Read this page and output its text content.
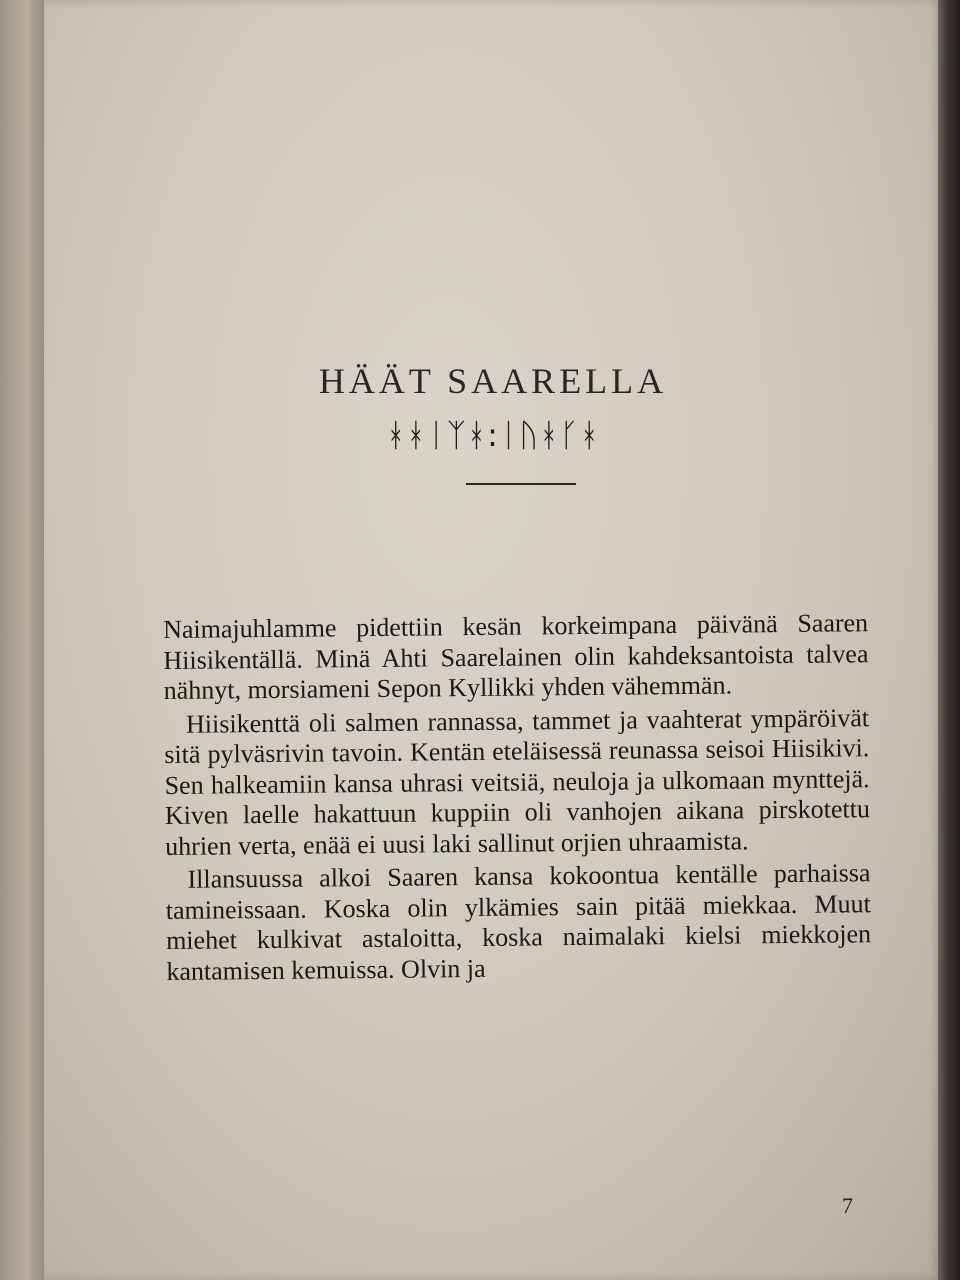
HÄÄT SAARELLA
ᚼᚼᛁᛉᚼ:ᛁᚢᚼᚴᚼ

Naimajuhlamme pidettiin kesän korkeimpana päivänä Saaren Hiisikentällä. Minä Ahti Saarelainen olin kahdeksantoista talvea nähnyt, morsiameni Sepon Kyllikki yhden vähemmän.

Hiisikenttä oli salmen rannassa, tammet ja vaahterat ympäröivät sitä pylväsrivin tavoin. Kentän eteläisessä reunassa seisoi Hiisikivi. Sen halkeamiin kansa uhrasi veitsiä, neuloja ja ulkomaan mynttejä. Kiven laelle hakattuun kuppiin oli vanhojen aikana pirskotettu uhrien verta, enää ei uusi laki sallinut orjien uhraamista.

Illansuussa alkoi Saaren kansa kokoontua kentälle parhaissa tamineissaan. Koska olin ylkämies sain pitää miekkaa. Muut miehet kulkivat astaloitta, koska naimalaki kielsi miekkojen kantamisen kemuissa. Olvin ja

7
